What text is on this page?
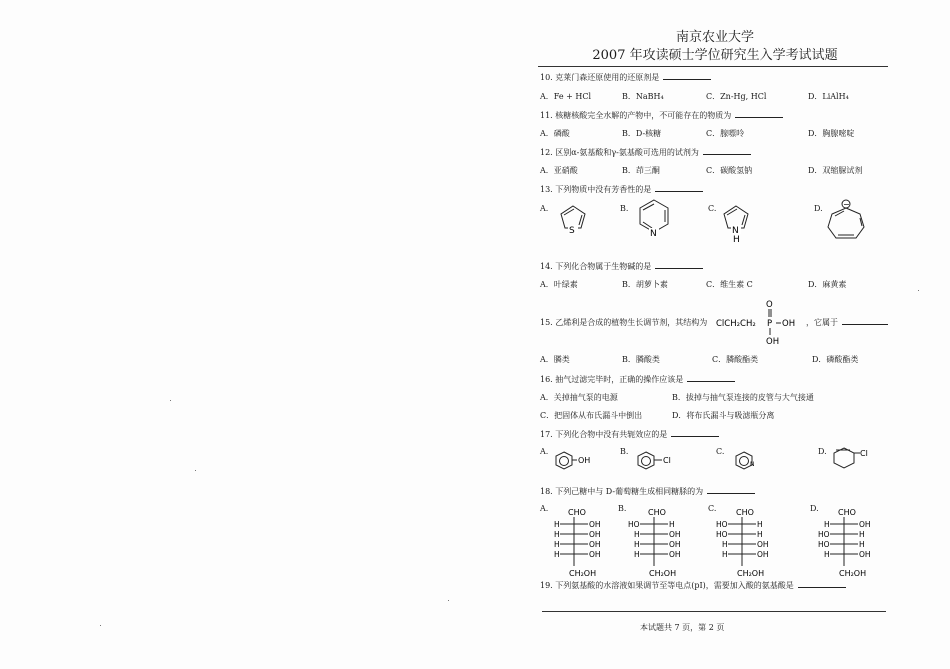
南京农业大学
2007 年攻读硕士学位研究生入学考试试题
10. 克莱门森还原使用的还原剂是
A．Fe + HCl	B．NaBH₄	C．Zn-Hg, HCl	D．LiAlH₄
11. 核糖核酸完全水解的产物中，不可能存在的物质为
A．磷酸	B．D-核糖	C．腺嘌呤	D．胸腺嘧啶
12. 区别α-氨基酸和γ-氨基酸可选用的试剂为
A．亚硝酸	B．茚三酮	C．碳酸氢钠	D．双缩脲试剂
13. 下列物质中没有芳香性的是
A.	B.	C.	D.
S	N	N
H
−
14. 下列化合物属于生物碱的是
A．叶绿素	B．胡萝卜素	C．维生素 C	D．麻黄素
15. 乙烯利是合成的植物生长调节剂，其结构为 ClCH₂CH₂ P OH
O
OH
，它属于
A．膦类	B．膦酸类	C．膦酸酯类	D．磷酸酯类
16. 抽气过滤完毕时，正确的操作应该是
A．关掉抽气泵的电源	B．拔掉与抽气泵连接的皮管与大气接通
C．把固体从布氏漏斗中倒出	D．将布氏漏斗与吸滤瓶分离
17. 下列化合物中没有共轭效应的是
A.	B.	C.	D.
OH	Cl	N
Cl
18. 下列己糖中与 D-葡萄糖生成相同糖脎的为
A.	B.	C.	D.
CHO
H	OH
H	OH
H	OH
H	OH
CH₂OH
CHO
HO	H
H	OH
H	OH
H	OH
CH₂OH
CHO
HO	H
HO	H
H	OH
H	OH
CH₂OH
CHO
H	OH
HO	H
HO	H
H	OH
CH₂OH
19. 下列氨基酸的水溶液如果调节至等电点(pI)，需要加入酸的氨基酸是
本试题共 7 页，第 2 页
